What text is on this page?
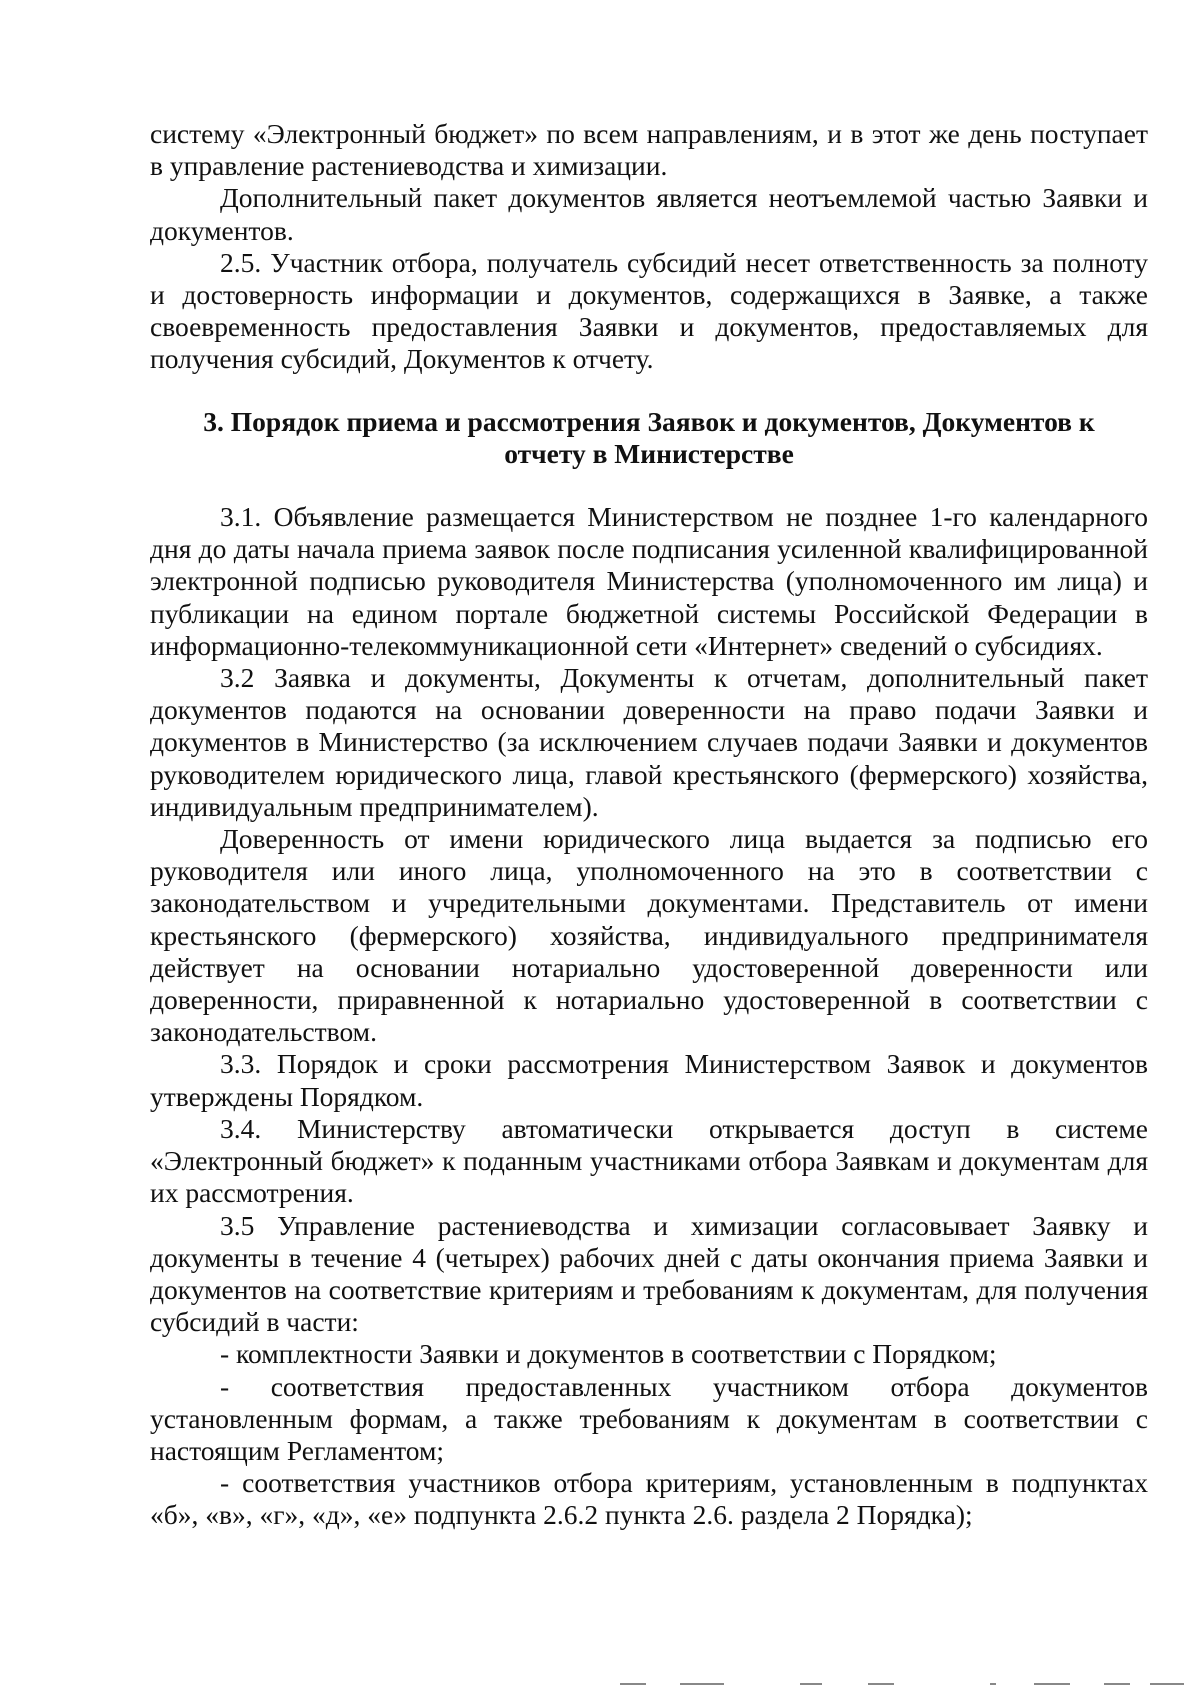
систему «Электронный бюджет» по всем направлениям, и в этот же день поступает в управление растениеводства и химизации.

Дополнительный пакет документов является неотъемлемой частью Заявки и документов.

2.5. Участник отбора, получатель субсидий несет ответственность за полноту и достоверность информации и документов, содержащихся в Заявке, а также своевременность предоставления Заявки и документов, предоставляемых для получения субсидий, Документов к отчету.

3. Порядок приема и рассмотрения Заявок и документов, Документов к отчету в Министерстве

3.1. Объявление размещается Министерством не позднее 1-го календарного дня до даты начала приема заявок после подписания усиленной квалифицированной электронной подписью руководителя Министерства (уполномоченного им лица) и публикации на едином портале бюджетной системы Российской Федерации в информационно-телекоммуникационной сети «Интернет» сведений о субсидиях.

3.2 Заявка и документы, Документы к отчетам, дополнительный пакет документов подаются на основании доверенности на право подачи Заявки и документов в Министерство (за исключением случаев подачи Заявки и документов руководителем юридического лица, главой крестьянского (фермерского) хозяйства, индивидуальным предпринимателем).

Доверенность от имени юридического лица выдается за подписью его руководителя или иного лица, уполномоченного на это в соответствии с законодательством и учредительными документами. Представитель от имени крестьянского (фермерского) хозяйства, индивидуального предпринимателя действует на основании нотариально удостоверенной доверенности или доверенности, приравненной к нотариально удостоверенной в соответствии с законодательством.

3.3. Порядок и сроки рассмотрения Министерством Заявок и документов утверждены Порядком.

3.4. Министерству автоматически открывается доступ в системе «Электронный бюджет» к поданным участниками отбора Заявкам и документам для их рассмотрения.

3.5 Управление растениеводства и химизации согласовывает Заявку и документы в течение 4 (четырех) рабочих дней с даты окончания приема Заявки и документов на соответствие критериям и требованиям к документам, для получения субсидий в части:

- комплектности Заявки и документов в соответствии с Порядком;

- соответствия предоставленных участником отбора документов установленным формам, а также требованиям к документам в соответствии с настоящим Регламентом;

- соответствия участников отбора критериям, установленным в подпунктах «б», «в», «г», «д», «е» подпункта 2.6.2 пункта 2.6. раздела 2 Порядка);
